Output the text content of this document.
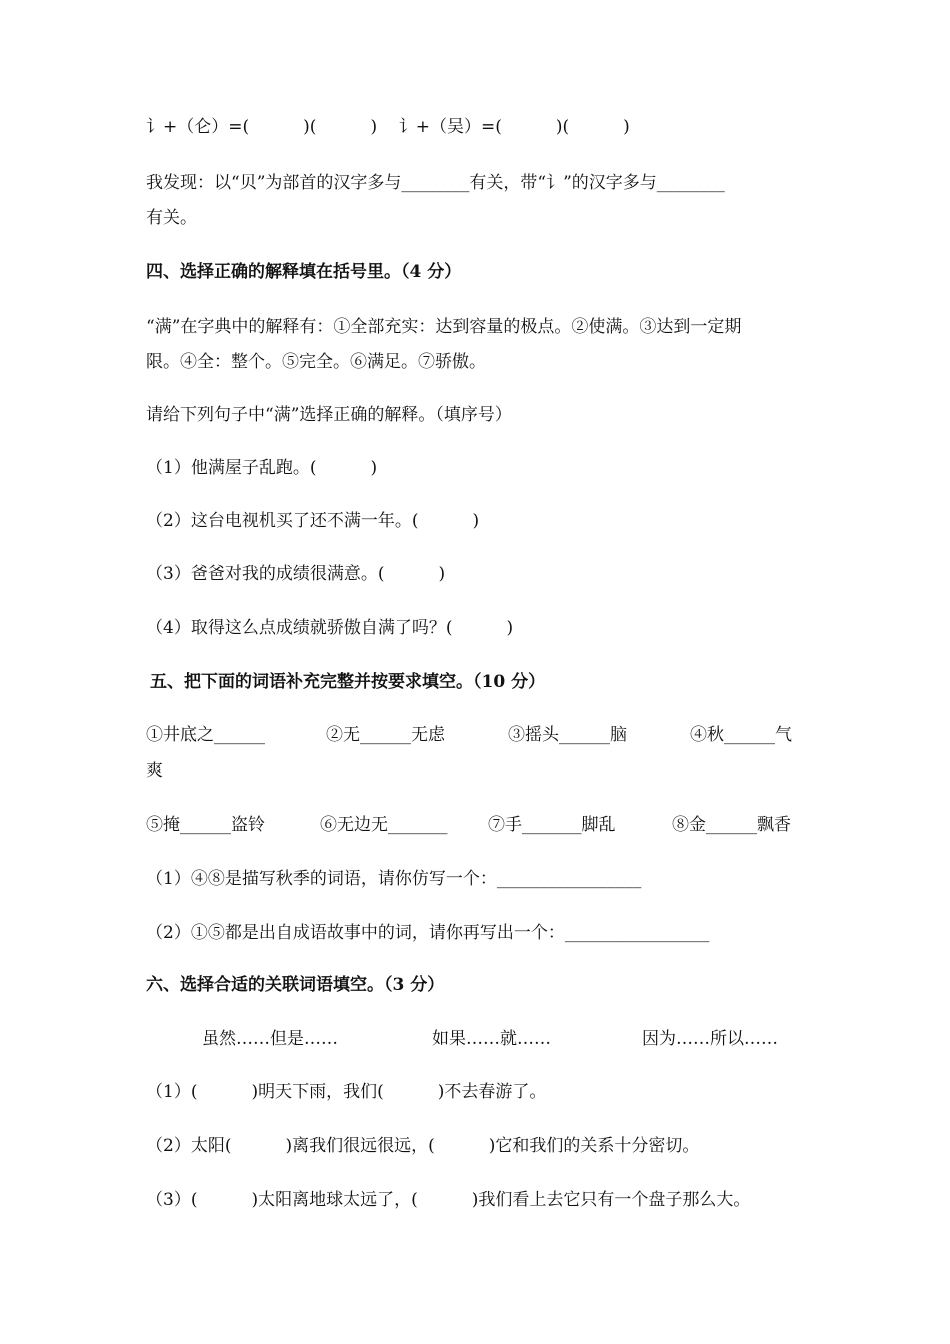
讠+（仑）=(          )(          )    讠+（吴）=(          )(          )
我发现：以“贝”为部首的汉字多与________有关，带“讠”的汉字多与________
有关。
四、选择正确的解释填在括号里。（4 分）
“满”在字典中的解释有：①全部充实：达到容量的极点。②使满。③达到一定期
限。④全：整个。⑤完全。⑥满足。⑦骄傲。
请给下列句子中“满”选择正确的解释。（填序号）
（1）他满屋子乱跑。(          )
（2）这台电视机买了还不满一年。(          )
（3）爸爸对我的成绩很满意。(          )
（4）取得这么点成绩就骄傲自满了吗？(          )
五、把下面的词语补充完整并按要求填空。（10 分）
①井底之______	②无______无虑	③摇头______脑	④秋______气
爽
⑤掩______盗铃	⑥无边无_______ ⑦手_______脚乱	⑧金______飘香
（1）④⑧是描写秋季的词语，请你仿写一个：_________________
（2）①⑤都是出自成语故事中的词，请你再写出一个：_________________
六、选择合适的关联词语填空。（3 分）
虽然……但是……	如果……就……	因为……所以……
（1）(          )明天下雨，我们(          )不去春游了。
（2）太阳(          )离我们很远很远，(          )它和我们的关系十分密切。
（3）(          )太阳离地球太远了，(          )我们看上去它只有一个盘子那么大。
